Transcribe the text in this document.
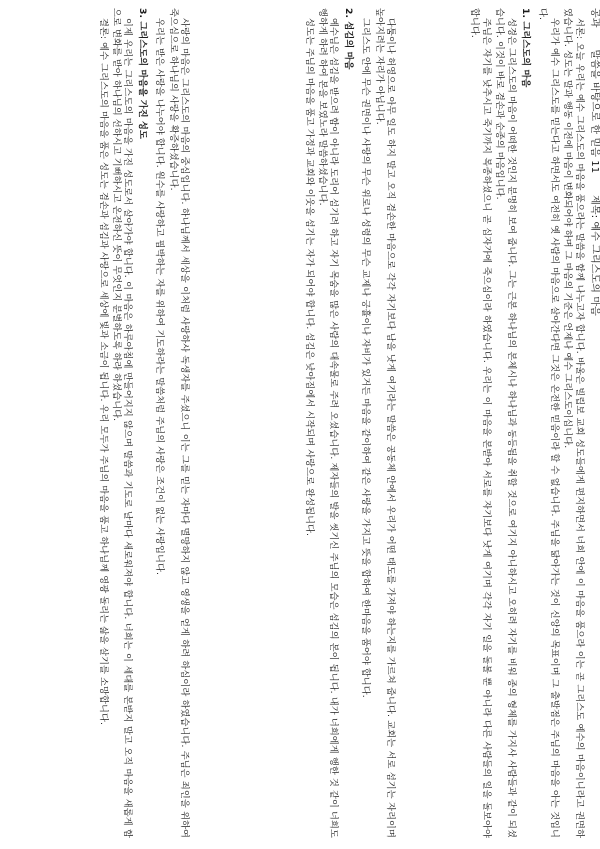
공과
말씀을 바탕으로 한 믿음 11
제목: 예수 그리스도의 마음

서론: 오늘 우리는 예수 그리스도의 마음을 품으라는 말씀을 함께 나누고자 합니다. 바울은 빌립보 교회 성도들에게 편지하면서 너희 안에 이 마음을 품으라 이는 곧 그리스도 예수의 마음이니라고 권면하였습니다. 성도는 말과 행동 이전에 마음이 변화되어야 하며 그 마음의 기준은 언제나 예수 그리스도이십니다.

우리가 예수 그리스도를 믿는다고 하면서도 여전히 옛 사람의 마음으로 살아간다면 그것은 온전한 믿음이라 할 수 없습니다. 주님을 닮아가는 것이 신앙의 목표이며 그 출발점은 주님의 마음을 아는 것입니다.

1. 그리스도의 마음

성경은 그리스도의 마음이 어떠한 것인지 분명히 보여 줍니다. 그는 근본 하나님의 본체시나 하나님과 동등됨을 취할 것으로 여기지 아니하시고 오히려 자기를 비워 종의 형체를 가지사 사람들과 같이 되셨습니다. 이것이 바로 겸손과 순종의 마음입니다.

주님은 자기를 낮추시고 죽기까지 복종하셨으니 곧 십자가에 죽으심이라 하였습니다. 우리는 이 마음을 본받아 서로를 자기보다 낫게 여기며 각각 자기 일을 돌볼 뿐 아니라 다른 사람들의 일을 돌보아야 합니다.

다툼이나 허영으로 아무 일도 하지 말고 오직 겸손한 마음으로 각각 자기보다 남을 낫게 여기라는 말씀은 공동체 안에서 우리가 어떤 태도를 가져야 하는지를 가르쳐 줍니다. 교회는 서로 섬기는 자리이며 높아지려는 자리가 아닙니다.

그리스도 안에 무슨 권면이나 사랑의 무슨 위로나 성령의 무슨 교제나 긍휼이나 자비가 있거든 마음을 같이하여 같은 사랑을 가지고 뜻을 합하여 한마음을 품어야 합니다.

2. 섬김의 마음

예수님은 섬김을 받으려 함이 아니라 도리어 섬기려 하고 자기 목숨을 많은 사람의 대속물로 주려 오셨습니다. 제자들의 발을 씻기신 주님의 모습은 섬김의 본이 됩니다. 내가 너희에게 행한 것 같이 너희도 행하게 하려 하여 본을 보였노라 말씀하셨습니다.

성도는 주님의 마음을 품고 가정과 교회와 이웃을 섬기는 자가 되어야 합니다. 섬김은 낮아짐에서 시작되며 사랑으로 완성됩니다.

사랑의 마음은 그리스도의 마음의 중심입니다. 하나님께서 세상을 이처럼 사랑하사 독생자를 주셨으니 이는 그를 믿는 자마다 멸망하지 않고 영생을 얻게 하려 하심이라 하였습니다. 주님은 죄인을 위하여 죽으심으로 하나님의 사랑을 확증하셨습니다.

우리는 받은 사랑을 나누어야 합니다. 원수를 사랑하고 핍박하는 자를 위하여 기도하라는 말씀처럼 주님의 사랑은 조건이 없는 사랑입니다.

3. 그리스도의 마음을 가진 성도

이제 우리는 그리스도의 마음을 가진 성도로서 살아가야 합니다. 이 마음은 하루아침에 만들어지지 않으며 말씀과 기도로 날마다 새로워져야 합니다. 너희는 이 세대를 본받지 말고 오직 마음을 새롭게 함으로 변화를 받아 하나님의 선하시고 기뻐하시고 온전하신 뜻이 무엇인지 분별하도록 하라 하셨습니다.

결론: 예수 그리스도의 마음을 품은 성도는 겸손과 섬김과 사랑으로 세상에 빛과 소금이 됩니다. 우리 모두가 주님의 마음을 품고 하나님께 영광 돌리는 삶을 살기를 소망합니다.
